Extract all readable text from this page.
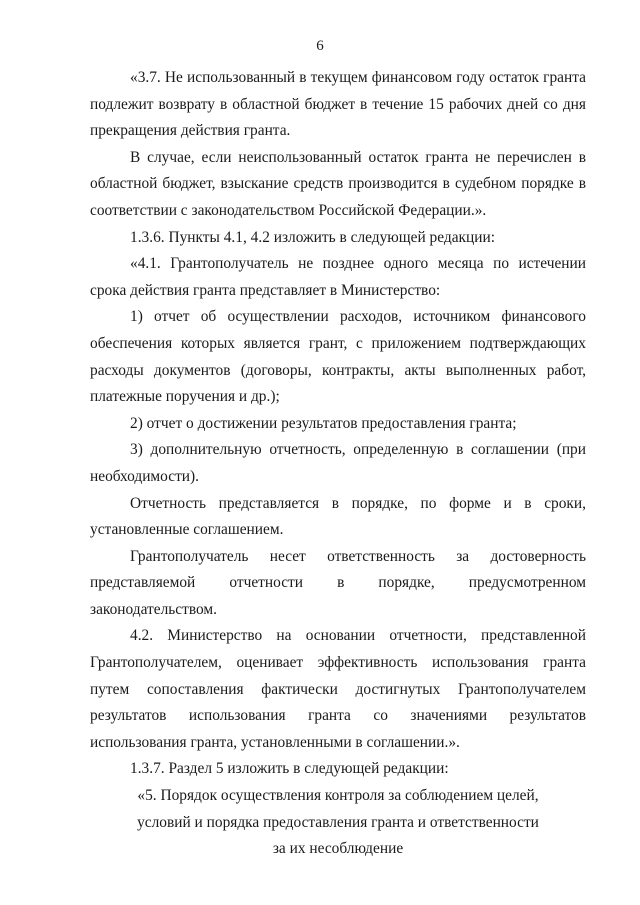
6

«3.7. Не использованный в текущем финансовом году остаток гранта подлежит возврату в областной бюджет в течение 15 рабочих дней со дня прекращения действия гранта.

В случае, если неиспользованный остаток гранта не перечислен в областной бюджет, взыскание средств производится в судебном порядке в соответствии с законодательством Российской Федерации.».

1.3.6. Пункты 4.1, 4.2 изложить в следующей редакции:

«4.1. Грантополучатель не позднее одного месяца по истечении срока действия гранта представляет в Министерство:

1) отчет об осуществлении расходов, источником финансового обеспечения которых является грант, с приложением подтверждающих расходы документов (договоры, контракты, акты выполненных работ, платежные поручения и др.);

2) отчет о достижении результатов предоставления гранта;

3) дополнительную отчетность, определенную в соглашении (при необходимости).

Отчетность представляется в порядке, по форме и в сроки, установленные соглашением.

Грантополучатель несет ответственность за достоверность представляемой отчетности в порядке, предусмотренном законодательством.

4.2. Министерство на основании отчетности, представленной Грантополучателем, оценивает эффективность использования гранта путем сопоставления фактически достигнутых Грантополучателем результатов использования гранта со значениями результатов использования гранта, установленными в соглашении.».

1.3.7. Раздел 5 изложить в следующей редакции:

«5. Порядок осуществления контроля за соблюдением целей,

условий и порядка предоставления гранта и ответственности

за их несоблюдение
